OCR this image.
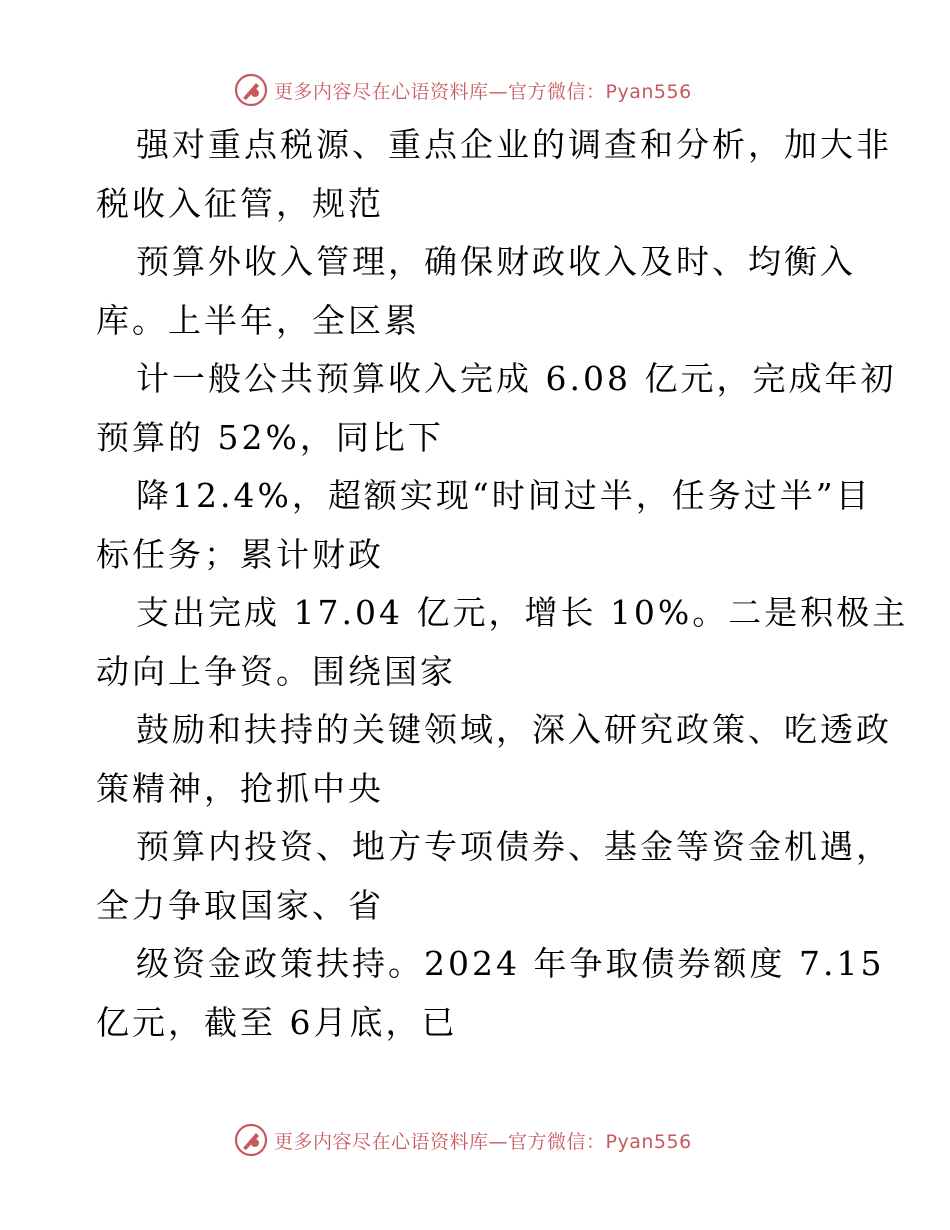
更多内容尽在心语资料库—官方微信：Pyan556
强对重点税源、重点企业的调查和分析，加大非
税收入征管，规范
预算外收入管理，确保财政收入及时、均衡入
库。上半年，全区累
计一般公共预算收入完成 6.08 亿元，完成年初
预算的 52%，同比下
降12.4%，超额实现“时间过半，任务过半”目
标任务；累计财政
支出完成 17.04 亿元，增长 10%。二是积极主
动向上争资。围绕国家
鼓励和扶持的关键领域，深入研究政策、吃透政
策精神，抢抓中央
预算内投资、地方专项债券、基金等资金机遇，
全力争取国家、省
级资金政策扶持。2024 年争取债券额度 7.15
亿元，截至 6月底，已
更多内容尽在心语资料库—官方微信：Pyan556
